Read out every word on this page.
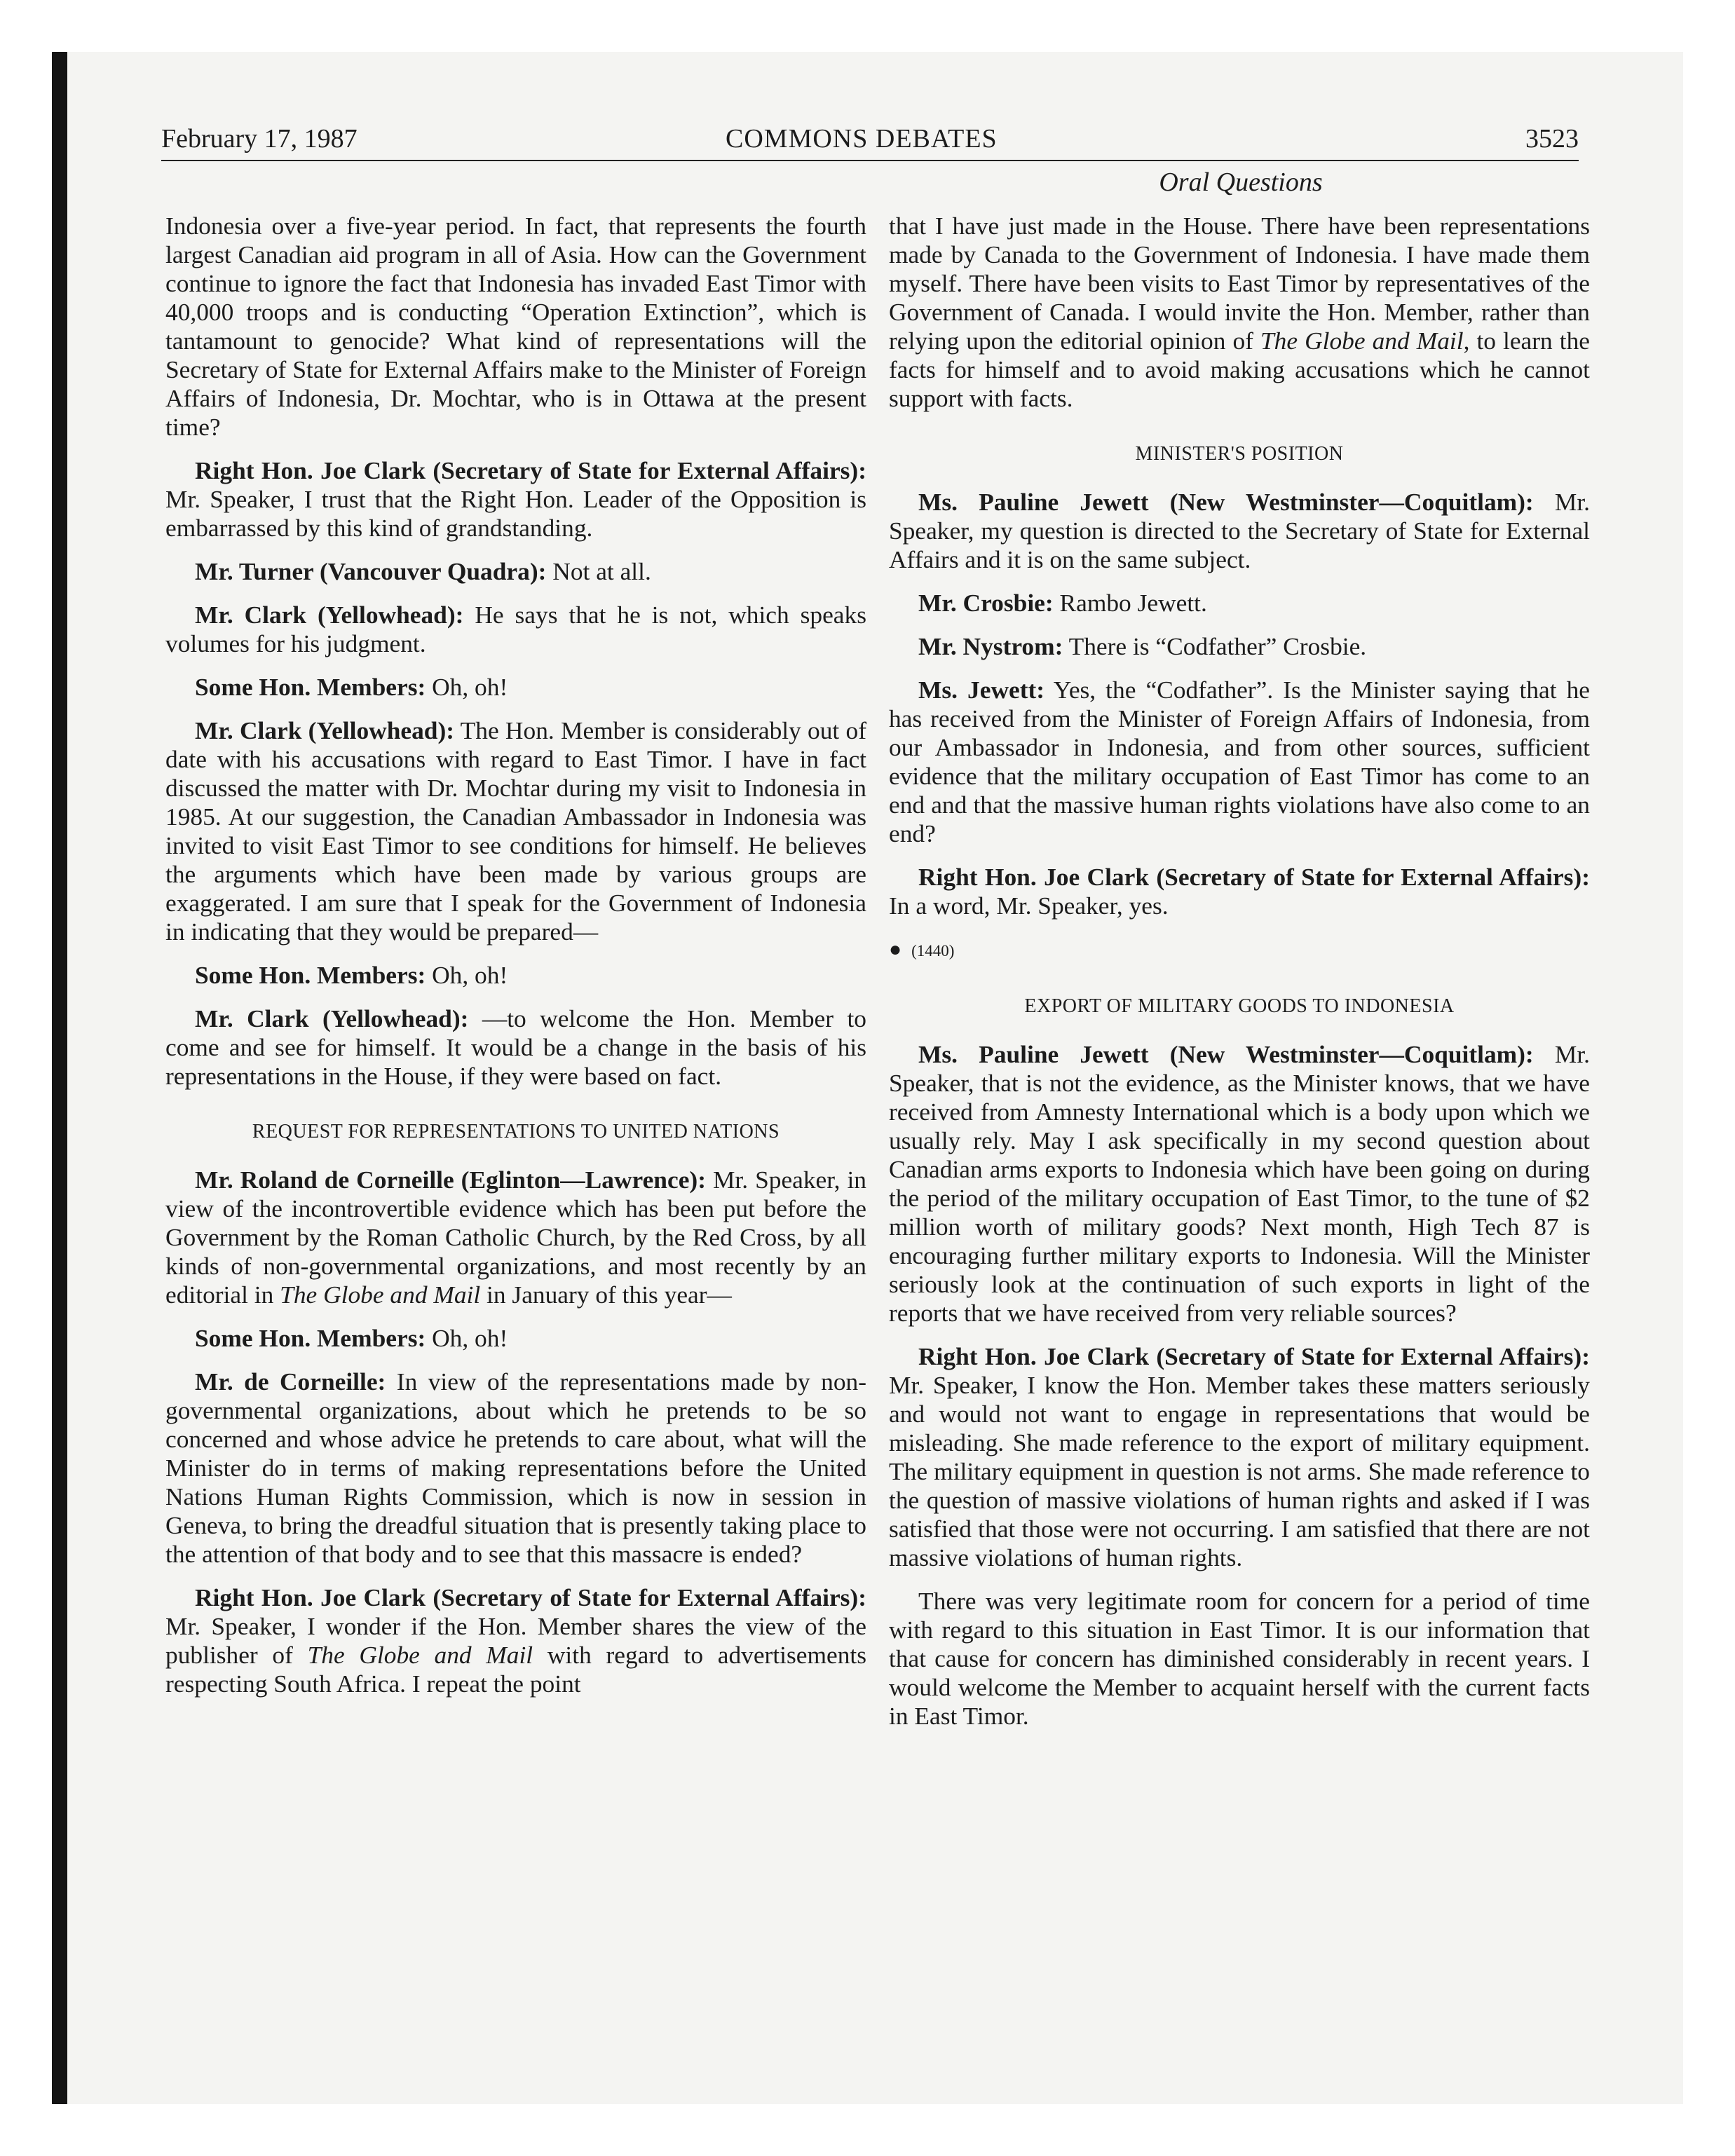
February 17, 1987	COMMONS DEBATES	3523
Oral Questions

Indonesia over a five-year period. In fact, that represents the fourth largest Canadian aid program in all of Asia. How can the Government continue to ignore the fact that Indonesia has invaded East Timor with 40,000 troops and is conducting “Operation Extinction”, which is tantamount to genocide? What kind of representations will the Secretary of State for External Affairs make to the Minister of Foreign Affairs of Indonesia, Dr. Mochtar, who is in Ottawa at the present time?

Right Hon. Joe Clark (Secretary of State for External Affairs): Mr. Speaker, I trust that the Right Hon. Leader of the Opposition is embarrassed by this kind of grandstanding.

Mr. Turner (Vancouver Quadra): Not at all.

Mr. Clark (Yellowhead): He says that he is not, which speaks volumes for his judgment.

Some Hon. Members: Oh, oh!

Mr. Clark (Yellowhead): The Hon. Member is considerably out of date with his accusations with regard to East Timor. I have in fact discussed the matter with Dr. Mochtar during my visit to Indonesia in 1985. At our suggestion, the Canadian Ambassador in Indonesia was invited to visit East Timor to see conditions for himself. He believes the arguments which have been made by various groups are exaggerated. I am sure that I speak for the Government of Indonesia in indicating that they would be prepared—

Some Hon. Members: Oh, oh!

Mr. Clark (Yellowhead): —to welcome the Hon. Member to come and see for himself. It would be a change in the basis of his representations in the House, if they were based on fact.

REQUEST FOR REPRESENTATIONS TO UNITED NATIONS

Mr. Roland de Corneille (Eglinton—Lawrence): Mr. Speaker, in view of the incontrovertible evidence which has been put before the Government by the Roman Catholic Church, by the Red Cross, by all kinds of non-governmental organizations, and most recently by an editorial in The Globe and Mail in January of this year—

Some Hon. Members: Oh, oh!

Mr. de Corneille: In view of the representations made by non-governmental organizations, about which he pretends to be so concerned and whose advice he pretends to care about, what will the Minister do in terms of making representations before the United Nations Human Rights Commission, which is now in session in Geneva, to bring the dreadful situation that is presently taking place to the attention of that body and to see that this massacre is ended?

Right Hon. Joe Clark (Secretary of State for External Affairs): Mr. Speaker, I wonder if the Hon. Member shares the view of the publisher of The Globe and Mail with regard to advertisements respecting South Africa. I repeat the point

that I have just made in the House. There have been representations made by Canada to the Government of Indonesia. I have made them myself. There have been visits to East Timor by representatives of the Government of Canada. I would invite the Hon. Member, rather than relying upon the editorial opinion of The Globe and Mail, to learn the facts for himself and to avoid making accusations which he cannot support with facts.

MINISTER'S POSITION

Ms. Pauline Jewett (New Westminster—Coquitlam): Mr. Speaker, my question is directed to the Secretary of State for External Affairs and it is on the same subject.

Mr. Crosbie: Rambo Jewett.

Mr. Nystrom: There is “Codfather” Crosbie.

Ms. Jewett: Yes, the “Codfather”. Is the Minister saying that he has received from the Minister of Foreign Affairs of Indonesia, from our Ambassador in Indonesia, and from other sources, sufficient evidence that the military occupation of East Timor has come to an end and that the massive human rights violations have also come to an end?

Right Hon. Joe Clark (Secretary of State for External Affairs): In a word, Mr. Speaker, yes.

● (1440)
EXPORT OF MILITARY GOODS TO INDONESIA

Ms. Pauline Jewett (New Westminster—Coquitlam): Mr. Speaker, that is not the evidence, as the Minister knows, that we have received from Amnesty International which is a body upon which we usually rely. May I ask specifically in my second question about Canadian arms exports to Indonesia which have been going on during the period of the military occupation of East Timor, to the tune of $2 million worth of military goods? Next month, High Tech 87 is encouraging further military exports to Indonesia. Will the Minister seriously look at the continuation of such exports in light of the reports that we have received from very reliable sources?

Right Hon. Joe Clark (Secretary of State for External Affairs): Mr. Speaker, I know the Hon. Member takes these matters seriously and would not want to engage in representations that would be misleading. She made reference to the export of military equipment. The military equipment in question is not arms. She made reference to the question of massive violations of human rights and asked if I was satisfied that those were not occurring. I am satisfied that there are not massive violations of human rights.

There was very legitimate room for concern for a period of time with regard to this situation in East Timor. It is our information that that cause for concern has diminished considerably in recent years. I would welcome the Member to acquaint herself with the current facts in East Timor.
